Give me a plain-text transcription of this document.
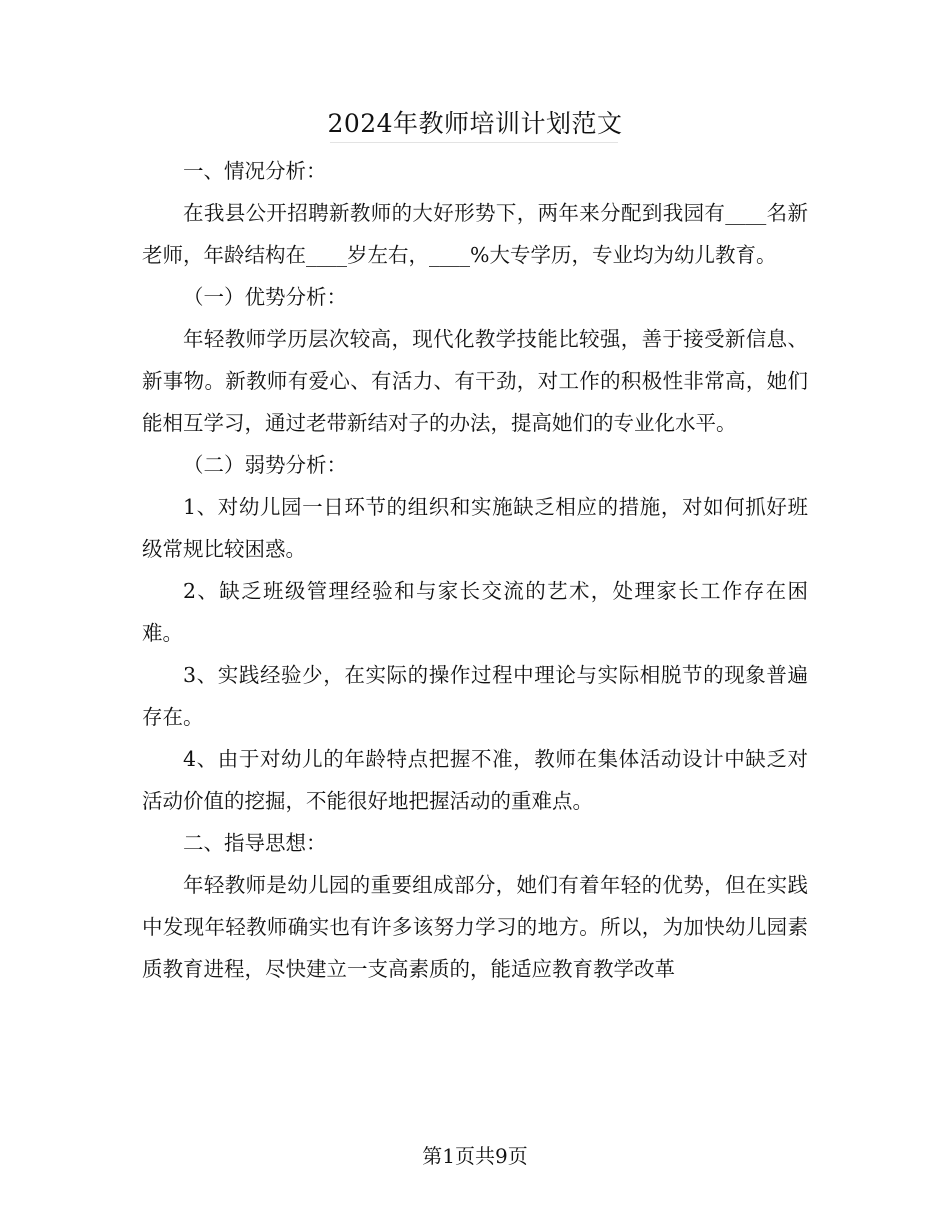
2024年教师培训计划范文

一、情况分析：

在我县公开招聘新教师的大好形势下，两年来分配到我园有____名新老师，年龄结构在____岁左右，____%大专学历，专业均为幼儿教育。

（一）优势分析：

年轻教师学历层次较高，现代化教学技能比较强，善于接受新信息、新事物。新教师有爱心、有活力、有干劲，对工作的积极性非常高，她们能相互学习，通过老带新结对子的办法，提高她们的专业化水平。

（二）弱势分析：

1、对幼儿园一日环节的组织和实施缺乏相应的措施，对如何抓好班级常规比较困惑。

2、缺乏班级管理经验和与家长交流的艺术，处理家长工作存在困难。

3、实践经验少，在实际的操作过程中理论与实际相脱节的现象普遍存在。

4、由于对幼儿的年龄特点把握不准，教师在集体活动设计中缺乏对活动价值的挖掘，不能很好地把握活动的重难点。

二、指导思想：

年轻教师是幼儿园的重要组成部分，她们有着年轻的优势，但在实践中发现年轻教师确实也有许多该努力学习的地方。所以，为加快幼儿园素质教育进程，尽快建立一支高素质的，能适应教育教学改革

第1页共9页
